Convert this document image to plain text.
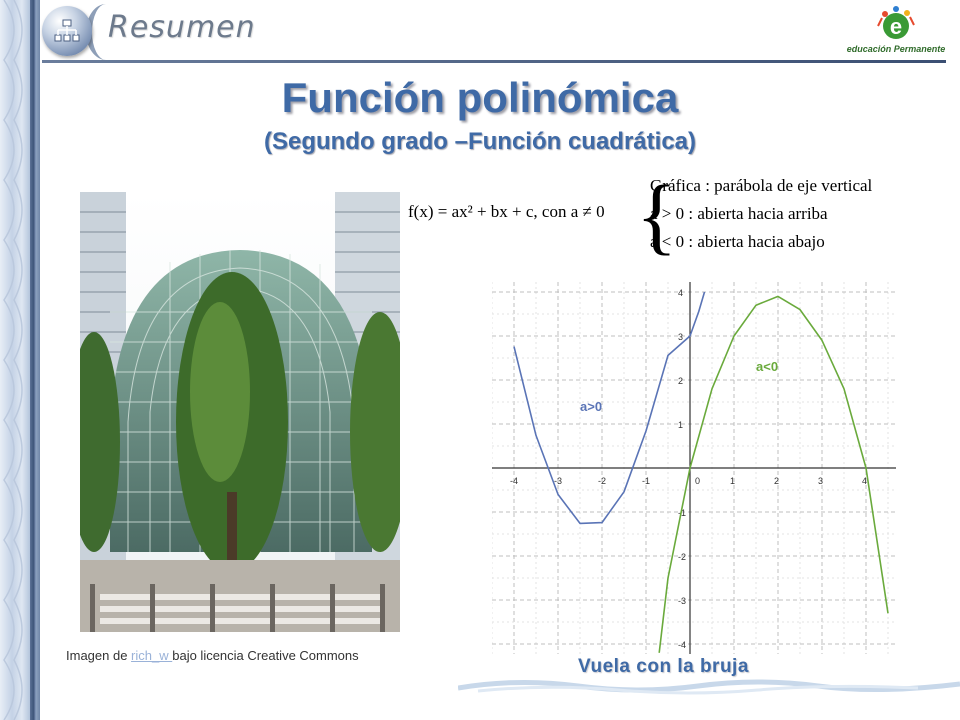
Resumen	e
educación Permanente
Función polinómica
(Segundo grado –Función cuadrática)
Imagen de rich_w bajo licencia Creative Commons
f(x) = ax² + bx + c, con a ≠ 0 {
Gráfica : parábola de eje vertical
a > 0 : abierta hacia arriba
a < 0 : abierta hacia abajo
-4	-3	-2	-1	0	1	2	3	4
-4
-3
-2
-1
1
2
3
4
a>0
a<0
Vuela con la bruja
